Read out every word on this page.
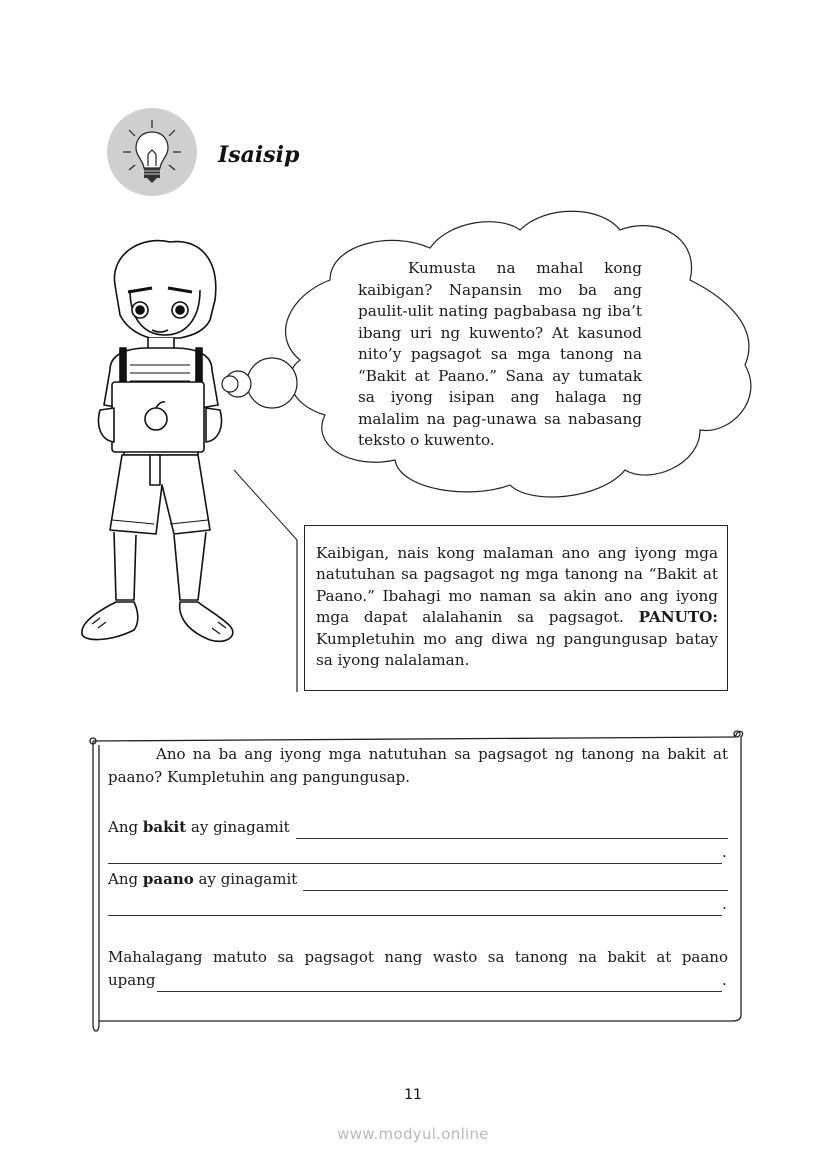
Isaisip
Kumusta na mahal kong kaibigan? Napansin mo ba ang paulit-ulit nating pagbabasa ng iba’t ibang uri ng kuwento? At kasunod nito’y pagsagot sa mga tanong na “Bakit at Paano.” Sana ay tumatak sa iyong isipan ang halaga ng malalim na pag-unawa sa nabasang teksto o kuwento.
Kaibigan, nais kong malaman ano ang iyong mga natutuhan sa pagsagot ng mga tanong na “Bakit at Paano.” Ibahagi mo naman sa akin ano ang iyong mga dapat alalahanin sa pagsagot. PANUTO: Kumpletuhin mo ang diwa ng pangungusap batay sa iyong nalalaman.
Ano na ba ang iyong mga natutuhan sa pagsagot ng tanong na bakit at paano? Kumpletuhin ang pangungusap.
Ang
bakit
ay ginagamit
.
Ang
paano
ay ginagamit
.
Mahalagang matuto sa pagsagot nang wasto sa tanong na bakit at paano
upang	.
11
www.modyul.online
